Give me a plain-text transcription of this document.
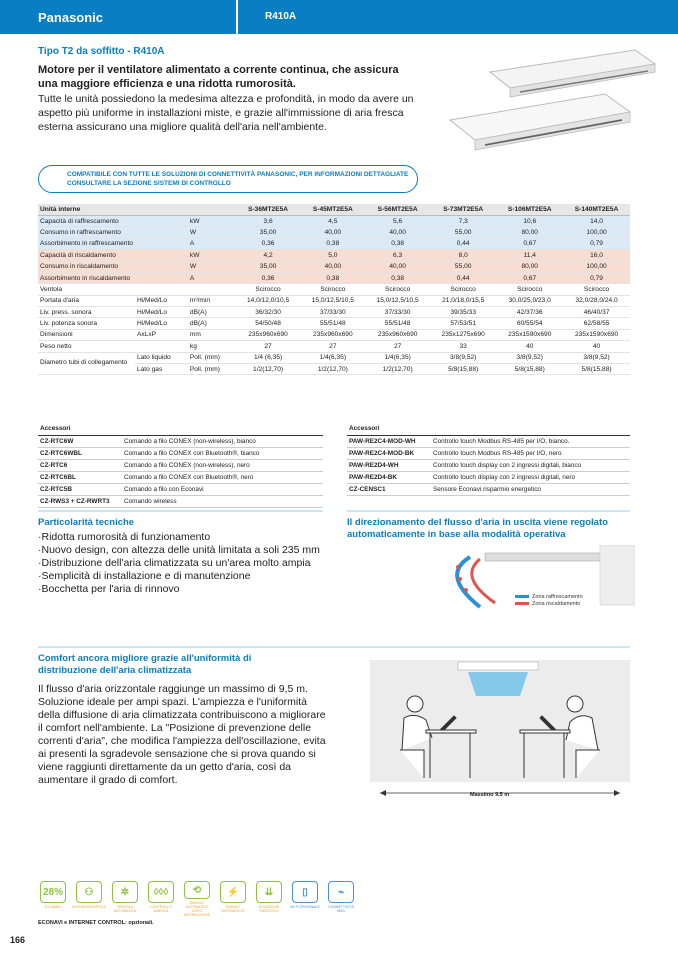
Panasonic	R410A
Tipo T2 da soffitto - R410A
Motore per il ventilatore alimentato a corrente continua, che assicura una maggiore efficienza e una ridotta rumorosità.
Tutte le unità possiedono la medesima altezza e profondità, in modo da avere un aspetto più uniforme in installazioni miste, e grazie all'immissione di aria fresca esterna assicurano una migliore qualità dell'aria nell'ambiente.
COMPATIBILE CON TUTTE LE SOLUZIONI DI CONNETTIVITÀ PANASONIC, PER INFORMAZIONI DETTAGLIATE CONSULTARE LA SEZIONE SISTEMI DI CONTROLLO
Unità interne			S-36MT2E5A	S-45MT2E5A	S-56MT2E5A	S-73MT2E5A	S-106MT2E5A	S-140MT2E5A
Capacità di raffrescamento		kW	3,6	4,5	5,6	7,3	10,6	14,0
Consumo in raffrescamento		W	35,00	40,00	40,00	55,00	80,00	100,00
Assorbimento in raffrescamento		A	0,36	0,38	0,38	0,44	0,67	0,79
Capacità di riscaldamento		kW	4,2	5,0	6,3	8,0	11,4	16,0
Consumo in riscaldamento		W	35,00	40,00	40,00	55,00	80,00	100,00
Assorbimento in riscaldamento		A	0,36	0,38	0,38	0,44	0,67	0,79
Ventola			Scirocco	Scirocco	Scirocco	Scirocco	Scirocco	Scirocco
Portata d'aria	Hi/Med/Lo	m³/min	14,0/12,0/10,5	15,0/12,5/10,5	15,0/12,5/10,5	21,0/18,0/15,5	30,0/25,0/23,0	32,0/28,0/24,0
Liv. press. sonora	Hi/Med/Lo	dB(A)	36/32/30	37/33/30	37/33/30	39/35/33	42/37/36	46/40/37
Liv. potenza sonora	Hi/Med/Lo	dB(A)	54/50/48	55/51/48	55/51/48	57/53/51	60/55/54	62/58/55
Dimensioni	AxLxP	mm	235x960x690	235x960x690	235x960x690	235x1275x690	235x1590x690	235x1590x690
Peso netto		kg	27	27	27	33	40	40
Diametro tubi di collegamento	Lato liquido	Poll. (mm)	1/4 (6,35)	1/4(6,35)	1/4(6,35)	3/8(9,52)	3/8(9,52)	3/8(9,52)
	Lato gas	Poll. (mm)	1/2(12,70)	1/2(12,70)	1/2(12,70)	5/8(15,88)	5/8(15,88)	5/8(15,88)
Accessori	
CZ-RTC6W	Comando a filo CONEX (non-wireless), bianco
CZ-RTC6WBL	Comando a filo CONEX con Bluetooth®, bianco
CZ-RTC6	Comando a filo CONEX (non-wireless), nero
CZ-RTC6BL	Comando a filo CONEX con Bluetooth®, nero
CZ-RTC5B	Comando a filo con Econavi
CZ-RWS3 + CZ-RWRT3	Comando wireless
Accessori	
PAW-RE2C4-MOD-WH	Controllo touch Modbus RS-485 per I/O, bianco.
PAW-RE2C4-MOD-BK	Controllo touch Modbus RS-485 per I/O, nero
PAW-RE2D4-WH	Controllo touch display con 2 ingressi digitali, bianco
PAW-RE2D4-BK	Controllo touch display con 2 ingressi digitali, nero
CZ-CENSC1	Sensore Econavi risparmio energetico
Particolarità tecniche
· Ridotta rumorosità di funzionamento
· Nuovo design, con altezza delle unità limitata a soli 235 mm
· Distribuzione dell'aria climatizzata su un'area molto ampia
· Semplicità di installazione e di manutenzione
· Bocchetta per l'aria di rinnovo
Il direzionamento del flusso d'aria in uscita viene regolato automaticamente in base alla modalità operativa
Zona raffrescamento
Zona riscaldamento
Comfort ancora migliore grazie all'uniformità di distribuzione dell'aria climatizzata
Il flusso d'aria orizzontale raggiunge un massimo di 9,5 m. Soluzione ideale per ampi spazi. L'ampiezza e l'uniformità della diffusione di aria climatizzata contribuiscono a migliorare il comfort nell'ambiente. La "Posizione di prevenzione delle correnti d'aria", che modifica l'ampiezza dell'oscillazione, evita ai presenti la sgradevole sensazione che si prova quando si viene raggiunti direttamente da un getto d'aria, così da aumentare il grado di comfort.
Massimo 9,5 m
28%
ECONAVI
⚇
AUTODIAGNOSTICA
✲
VENTOLA AUTOMATICA
◊◊◊
CONTROLLO UMIDITÀ
⟲
RIAVVIO AUTOMATICO DOPO INTERRUZIONE
⚡
RIAVVIO AUTOMATICO
⇊
SOLUZIONE RICIRCOLO
▯
WI-FI OPZIONALE
⌁
CONNETTIVITÀ BMS
ECONAVI e INTERNET CONTROL: opzionali.
166
